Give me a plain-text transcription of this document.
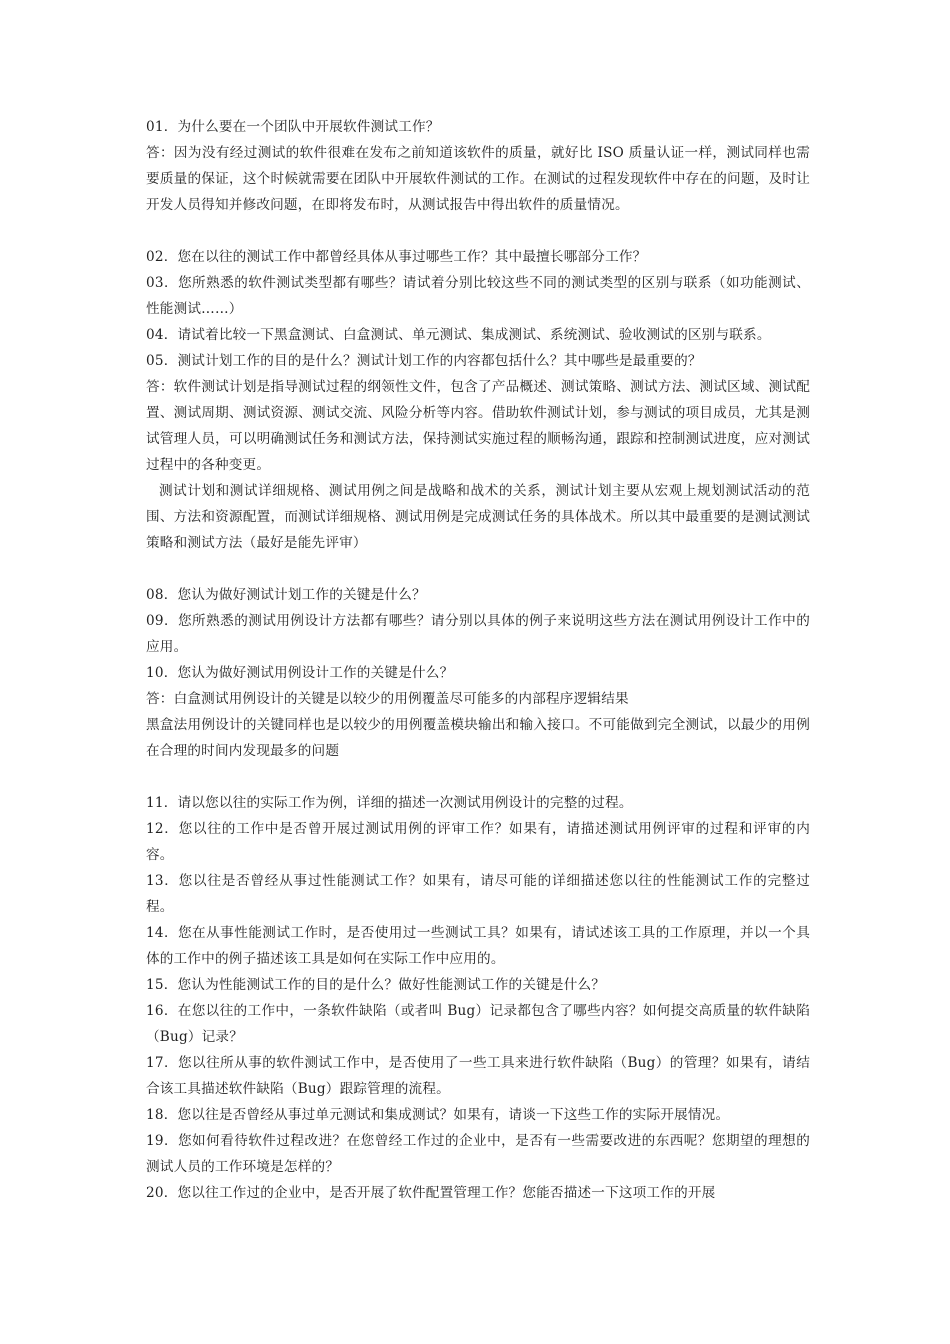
01．为什么要在一个团队中开展软件测试工作？

答：因为没有经过测试的软件很难在发布之前知道该软件的质量，就好比 ISO 质量认证一样，测试同样也需要质量的保证，这个时候就需要在团队中开展软件测试的工作。在测试的过程发现软件中存在的问题，及时让开发人员得知并修改问题，在即将发布时，从测试报告中得出软件的质量情况。

02．您在以往的测试工作中都曾经具体从事过哪些工作？其中最擅长哪部分工作？

03．您所熟悉的软件测试类型都有哪些？请试着分别比较这些不同的测试类型的区别与联系（如功能测试、性能测试……）

04．请试着比较一下黑盒测试、白盒测试、单元测试、集成测试、系统测试、验收测试的区别与联系。

05．测试计划工作的目的是什么？测试计划工作的内容都包括什么？其中哪些是最重要的？

答：软件测试计划是指导测试过程的纲领性文件，包含了产品概述、测试策略、测试方法、测试区域、测试配置、测试周期、测试资源、测试交流、风险分析等内容。借助软件测试计划，参与测试的项目成员，尤其是测试管理人员，可以明确测试任务和测试方法，保持测试实施过程的顺畅沟通，跟踪和控制测试进度，应对测试过程中的各种变更。

测试计划和测试详细规格、测试用例之间是战略和战术的关系，测试计划主要从宏观上规划测试活动的范围、方法和资源配置，而测试详细规格、测试用例是完成测试任务的具体战术。所以其中最重要的是测试测试策略和测试方法（最好是能先评审）

08．您认为做好测试计划工作的关键是什么？

09．您所熟悉的测试用例设计方法都有哪些？请分别以具体的例子来说明这些方法在测试用例设计工作中的应用。

10．您认为做好测试用例设计工作的关键是什么？

答：白盒测试用例设计的关键是以较少的用例覆盖尽可能多的内部程序逻辑结果

黑盒法用例设计的关键同样也是以较少的用例覆盖模块输出和输入接口。不可能做到完全测试，以最少的用例在合理的时间内发现最多的问题

11．请以您以往的实际工作为例，详细的描述一次测试用例设计的完整的过程。

12．您以往的工作中是否曾开展过测试用例的评审工作？如果有，请描述测试用例评审的过程和评审的内容。

13．您以往是否曾经从事过性能测试工作？如果有，请尽可能的详细描述您以往的性能测试工作的完整过程。

14．您在从事性能测试工作时，是否使用过一些测试工具？如果有，请试述该工具的工作原理，并以一个具体的工作中的例子描述该工具是如何在实际工作中应用的。

15．您认为性能测试工作的目的是什么？做好性能测试工作的关键是什么？

16．在您以往的工作中，一条软件缺陷（或者叫 Bug）记录都包含了哪些内容？如何提交高质量的软件缺陷（Bug）记录？

17．您以往所从事的软件测试工作中，是否使用了一些工具来进行软件缺陷（Bug）的管理？如果有，请结合该工具描述软件缺陷（Bug）跟踪管理的流程。

18．您以往是否曾经从事过单元测试和集成测试？如果有，请谈一下这些工作的实际开展情况。

19．您如何看待软件过程改进？在您曾经工作过的企业中，是否有一些需要改进的东西呢？您期望的理想的测试人员的工作环境是怎样的？

20．您以往工作过的企业中，是否开展了软件配置管理工作？您能否描述一下这项工作的开展
